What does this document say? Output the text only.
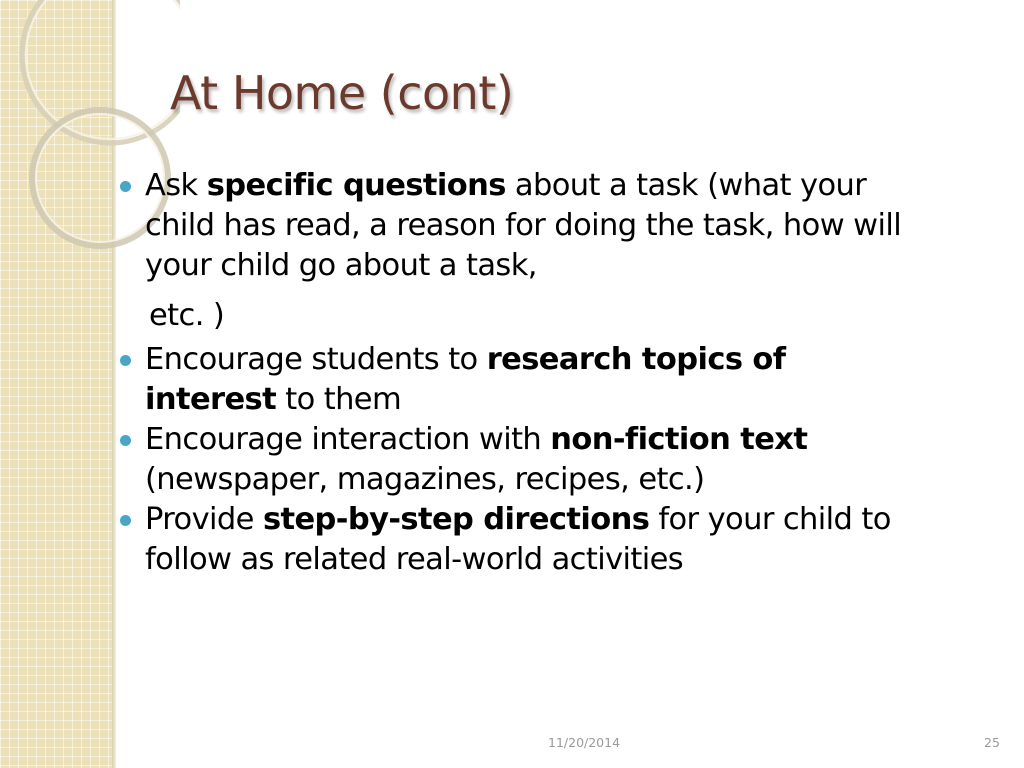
At Home (cont)
Ask specific questions about a task (what your child has read, a reason for doing the task, how will your child go about a task,
etc. )
Encourage students to research topics of interest to them
Encourage interaction with non-fiction text (newspaper, magazines, recipes, etc.)
Provide step-by-step directions for your child to follow as related real-world activities
11/20/2014	25
